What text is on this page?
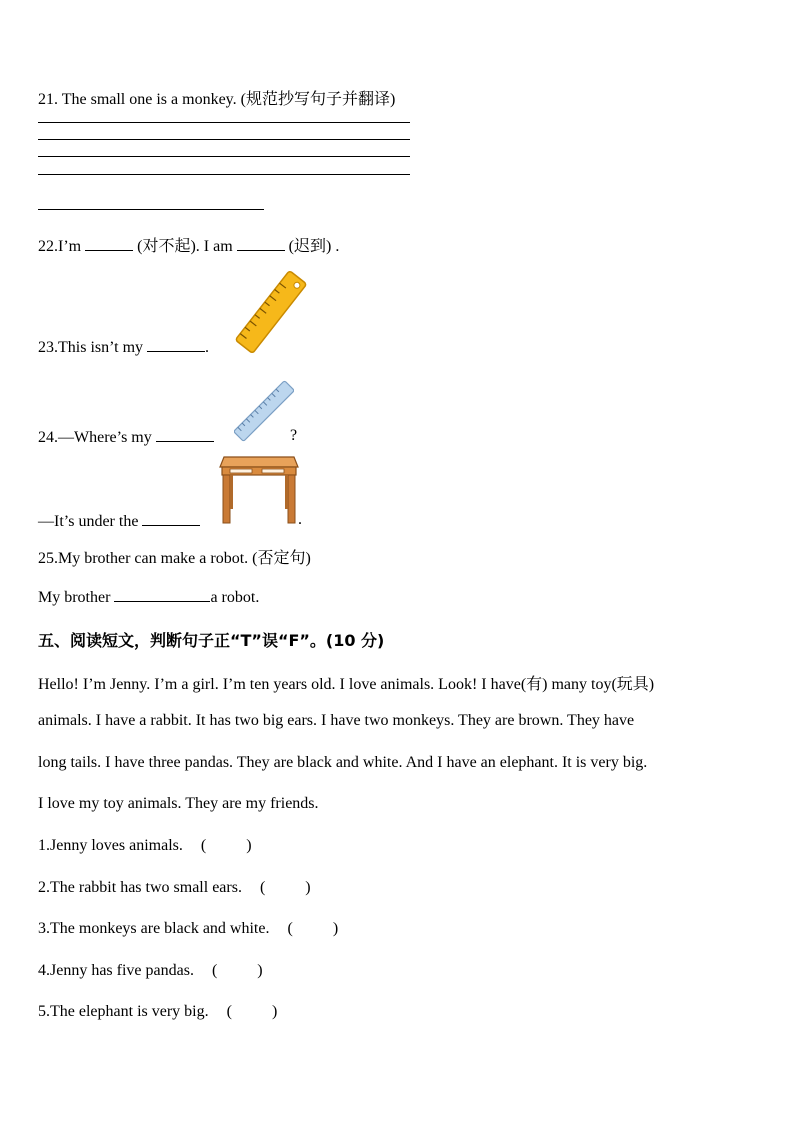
21. The small one is a monkey. (规范抄写句子并翻译)
22.I’m	(对不起). I am	(迟到) .
23.This isn’t my	.
24.—Where’s my	?
—It’s under the	.
25.My brother can make a robot. (否定句)
My brother	a robot.
五、阅读短文，判断句子正“T”误“F”。(10 分)
Hello! I’m Jenny. I’m a girl. I’m ten years old. I love animals. Look! I have(有) many toy(玩具)
animals. I have a rabbit. It has two big ears. I have two monkeys. They are brown. They have
long tails. I have three pandas. They are black and white. And I have an elephant. It is very big.
I love my toy animals. They are my friends.
1.Jenny loves animals. (          )
2.The rabbit has two small ears. (          )
3.The monkeys are black and white. (          )
4.Jenny has five pandas. (          )
5.The elephant is very big. (          )
